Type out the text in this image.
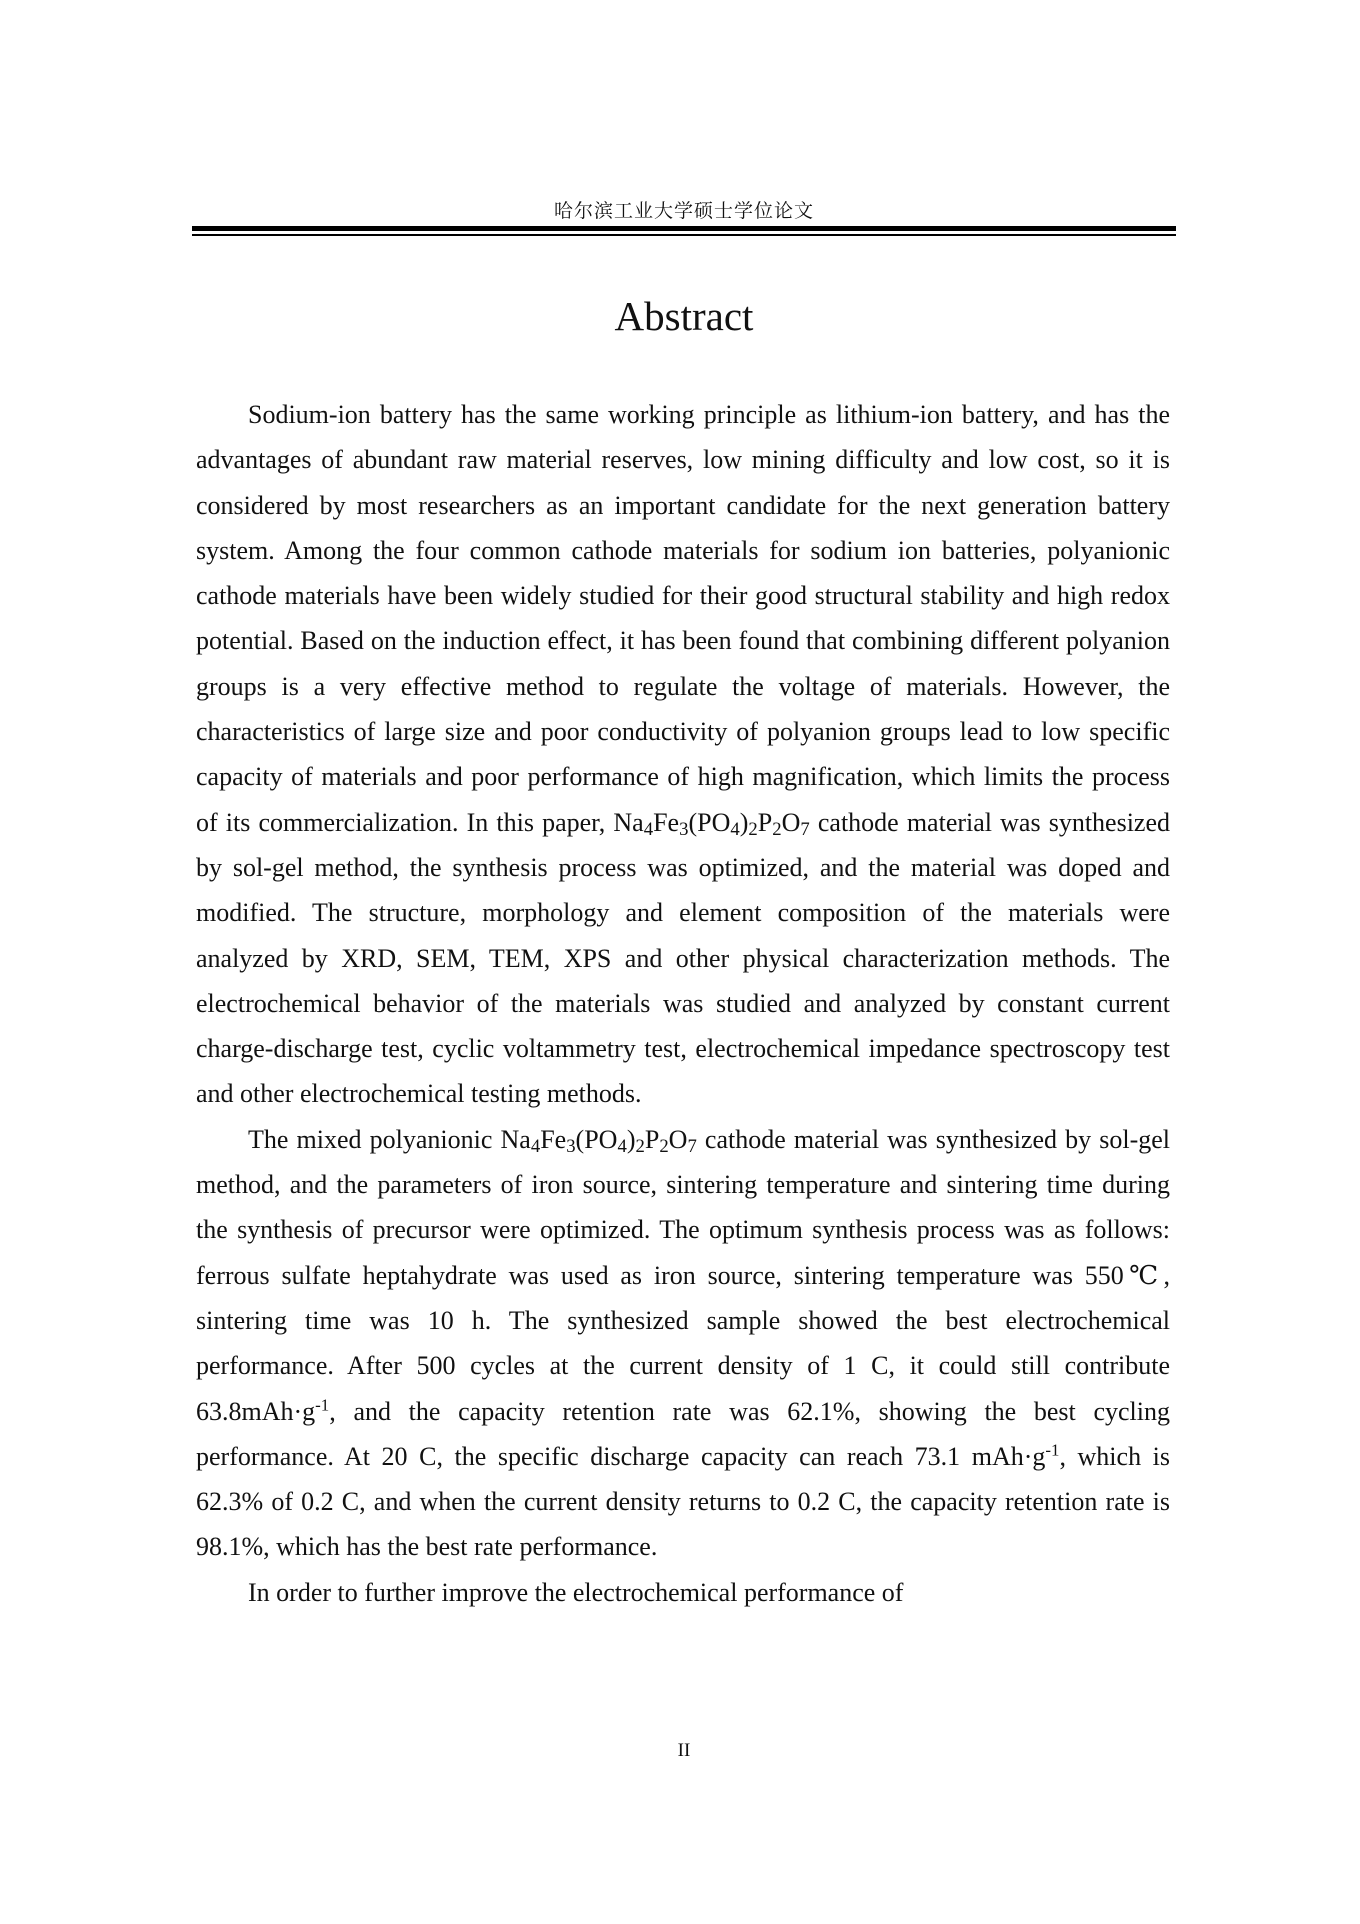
哈尔滨工业大学硕士学位论文
Abstract

Sodium-ion battery has the same working principle as lithium-ion battery, and has the advantages of abundant raw material reserves, low mining difficulty and low cost, so it is considered by most researchers as an important candidate for the next generation battery system. Among the four common cathode materials for sodium ion batteries, polyanionic cathode materials have been widely studied for their good structural stability and high redox potential. Based on the induction effect, it has been found that combining different polyanion groups is a very effective method to regulate the voltage of materials. However, the characteristics of large size and poor conductivity of polyanion groups lead to low specific capacity of materials and poor performance of high magnification, which limits the process of its commercialization. In this paper, $Na_4Fe_3(PO_4)_2P_2O_7$ cathode material was synthesized by sol-gel method, the synthesis process was optimized, and the material was doped and modified. The structure, morphology and element composition of the materials were analyzed by XRD, SEM, TEM, XPS and other physical characterization methods. The electrochemical behavior of the materials was studied and analyzed by constant current charge-discharge test, cyclic voltammetry test, electrochemical impedance spectroscopy test and other electrochemical testing methods.

The mixed polyanionic $Na_4Fe_3(PO_4)_2P_2O_7$ cathode material was synthesized by sol-gel method, and the parameters of iron source, sintering temperature and sintering time during the synthesis of precursor were optimized. The optimum synthesis process was as follows: ferrous sulfate heptahydrate was used as iron source, sintering temperature was 550℃, sintering time was 10 h. The synthesized sample showed the best electrochemical performance. After 500 cycles at the current density of 1 C, it could still contribute $63.8mAh\cdot g^{-1}$, and the capacity retention rate was 62.1%, showing the best cycling performance. At 20 C, the specific discharge capacity can reach 73.1 $mAh\cdot g^{-1}$, which is 62.3% of 0.2 C, and when the current density returns to 0.2 C, the capacity retention rate is 98.1%, which has the best rate performance.

In order to further improve the electrochemical performance of

II
